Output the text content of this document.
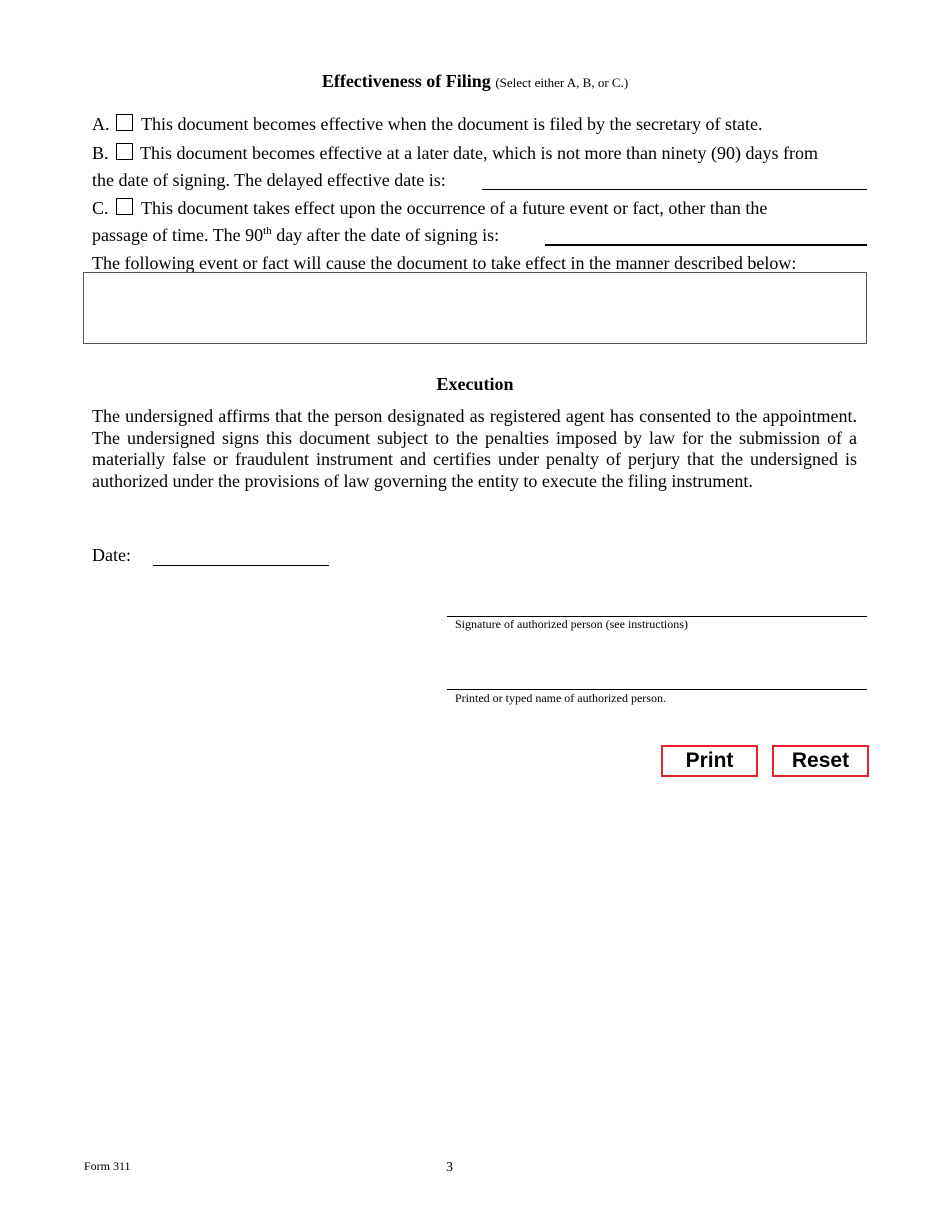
Effectiveness of Filing (Select either A, B, or C.)
A. This document becomes effective when the document is filed by the secretary of state.
B. This document becomes effective at a later date, which is not more than ninety (90) days from
the date of signing. The delayed effective date is:
C. This document takes effect upon the occurrence of a future event or fact, other than the
passage of time. The 90th day after the date of signing is:
The following event or fact will cause the document to take effect in the manner described below:
Execution
The undersigned affirms that the person designated as registered agent has consented to the appointment. The undersigned signs this document subject to the penalties imposed by law for the submission of a materially false or fraudulent instrument and certifies under penalty of perjury that the undersigned is authorized under the provisions of law governing the entity to execute the filing instrument.
Date:
Signature of authorized person (see instructions)
Printed or typed name of authorized person.
Print	Reset
Form 311	3
